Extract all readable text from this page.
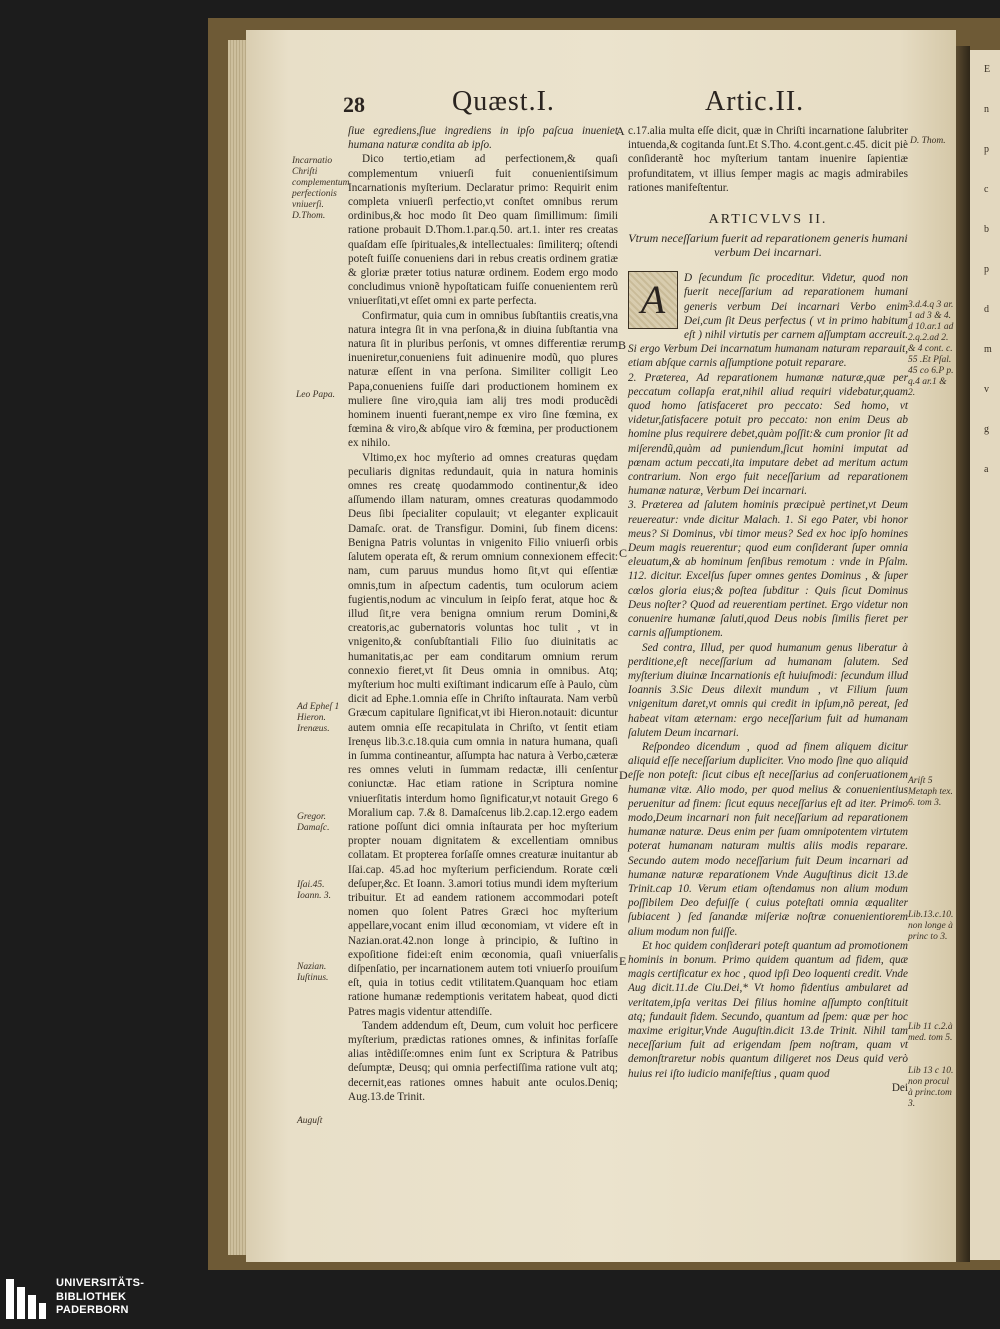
E
n
p
c
b
p
d
m
v
g
a
28	Quæst.I.	Artic.II.

ſiue egrediens,ſiue ingrediens in ipſo paſcua inueniet humana naturæ condita ab ipſo.

Dico tertio,etiam ad perfectionem,& quaſi complementum vniuerſi fuit conuenientiſsimum Incarnationis myſterium. Declaratur primo: Requirit enim completa vniuerſi perfectio,vt conſtet omnibus rerum ordinibus,& hoc modo ſit Deo quam ſimillimum: ſimili ratione probauit D.Thom.1.par.q.50. art.1. inter res creatas quaſdam eſſe ſpirituales,& intellectuales: ſimiliterq; oſtendi poteſt fuiſſe conueniens dari in rebus creatis ordinem gratiæ & gloriæ præter totius naturæ ordinem. Eodem ergo modo concludimus vnionẽ hypoſtaticam fuiſſe conuenientem rerũ vniuerſitati,vt eſſet omni ex parte perfecta.

Confirmatur, quia cum in omnibus ſubſtantiis creatis,vna natura integra ſit in vna perſona,& in diuina ſubſtantia vna natura ſit in pluribus perſonis, vt omnes differentiæ rerum inueniretur,conueniens fuit adinuenire modũ, quo plures naturæ eſſent in vna perſona. Similiter colligit Leo Papa,conueniens fuiſſe dari productionem hominem ex muliere ſine viro,quia iam alij tres modi producẽdi hominem inuenti fuerant,nempe ex viro ſine fœmina, ex fœmina & viro,& abſque viro & fœmina, per productionem ex nihilo.

Vltimo,ex hoc myſterio ad omnes creaturas quędam peculiaris dignitas redundauit, quia in natura hominis omnes res creatę quodammodo continentur,& ideo aſſumendo illam naturam, omnes creaturas quodammodo Deus ſibi ſpecialiter copulauit; vt eleganter explicauit Damaſc. orat. de Transfigur. Domini, ſub finem dicens: Benigna Patris voluntas in vnigenito Filio vniuerſi orbis ſalutem operata eſt, & rerum omnium connexionem effecit: nam, cum paruus mundus homo ſit,vt qui eſſentiæ omnis,tum in aſpectum cadentis, tum oculorum aciem fugientis,nodum ac vinculum in ſeipſo ferat, atque hoc & illud ſit,re vera benigna omnium rerum Domini,& creatoris,ac gubernatoris voluntas hoc tulit , vt in vnigenito,& conſubſtantiali Filio ſuo diuinitatis ac humanitatis,ac per eam conditarum omnium rerum connexio fieret,vt ſit Deus omnia in omnibus. Atq; myſterium hoc multi exiſtimant indicarum eſſe à Paulo, cùm dicit ad Ephe.1.omnia eſſe in Chriſto inſtaurata. Nam verbũ Græcum capitulare ſignificat,vt ibi Hieron.notauit: dicuntur autem omnia eſſe recapitulata in Chriſto, vt ſentit etiam Irenęus lib.3.c.18.quia cum omnia in natura humana, quaſi in ſumma contineantur, aſſumpta hac natura à Verbo,cæteræ res omnes veluti in ſummam redactæ, illi cenſentur coniunctæ. Hac etiam ratione in Scriptura nomine vniuerſitatis interdum homo ſignificatur,vt notauit Grego 6 Moralium cap. 7.& 8. Damaſcenus lib.2.cap.12.ergo eadem ratione poſſunt dici omnia inſtaurata per hoc myſterium propter nouam dignitatem & excellentiam omnibus collatam. Et propterea forſaſſe omnes creaturæ inuitantur ab Iſai.cap. 45.ad hoc myſterium perficiendum. Rorate cœli deſuper,&c. Et Ioann. 3.amori totius mundi idem myſterium tribuitur. Et ad eandem rationem accommodari poteſt nomen quo ſolent Patres Græci hoc myſterium appellare,vocant enim illud œconomiam, vt videre eſt in Nazian.orat.42.non longe à principio, & Iuſtino in expoſitione fidei:eſt enim œconomia, quaſi vniuerſalis diſpenſatio, per incarnationem autem toti vniuerſo prouiſum eſt, quia in totius cedit vtilitatem.Quanquam hoc etiam ratione humanæ redemptionis veritatem habeat, quod dicti Patres magis videntur attendiſſe.

Tandem addendum eſt, Deum, cum voluit hoc perficere myſterium, prædictas rationes omnes, & infinitas forſaſſe alias intẽdiſſe:omnes enim ſunt ex Scriptura & Patribus deſumptæ, Deusq; qui omnia perfectiſſima ratione vult atq; decernit,eas rationes omnes habuit ante oculos.Deniq; Aug.13.de Trinit.

c.17.alia multa eſſe dicit, quæ in Chriſti incarnatione ſalubriter intuenda,& cogitanda ſunt.Et S.Tho. 4.cont.gent.c.45. dicit piè conſiderantẽ hoc myſterium tantam inuenire ſapientiæ profunditatem, vt illius ſemper magis ac magis admirabiles rationes manifeſtentur.

ARTICVLVS II.

Vtrum neceſſarium fuerit ad reparationem generis humani verbum Dei incarnari.

A	D ſecundum ſic proceditur. Videtur, quod non fuerit neceſſarium ad reparationem humani generis verbum Dei incarnari Verbo enim Dei,cum ſit Deus perfectus ( vt in primo habitum eſt ) nihil virtutis per carnem aſſumptam accreuit. Si ergo Verbum Dei incarnatum humanam naturam reparauit, etiam abſque carnis aſſumptione potuit reparare.

2. Præterea, Ad reparationem humanæ naturæ,quæ per peccatum collapſa erat,nihil aliud requiri videbatur,quam quod homo ſatisfaceret pro peccato: Sed homo, vt videtur,ſatisfacere potuit pro peccato: non enim Deus ab homine plus requirere debet,quàm poſſit:& cum pronior ſit ad miſerendũ,quàm ad puniendum,ſicut homini imputat ad pœnam actum peccati,ita imputare debet ad meritum actum contrarium. Non ergo fuit neceſſarium ad reparationem humanæ naturæ, Verbum Dei incarnari.

3. Præterea ad ſalutem hominis præcipuè pertinet,vt Deum reuereatur: vnde dicitur Malach. 1. Si ego Pater, vbi honor meus? Si Dominus, vbi timor meus? Sed ex hoc ipſo homines Deum magis reuerentur; quod eum conſiderant ſuper omnia eleuatum,& ab hominum ſenſibus remotum : vnde in Pſalm. 112. dicitur. Excelſus ſuper omnes gentes Dominus , & ſuper cœlos gloria eius;& poſtea ſubditur : Quis ſicut Dominus Deus noſter? Quod ad reuerentiam pertinet. Ergo videtur non conuenire humanæ ſaluti,quod Deus nobis ſimilis fieret per carnis aſſumptionem.

Sed contra, Illud, per quod humanum genus liberatur à perditione,eſt neceſſarium ad humanam ſalutem. Sed myſterium diuinæ Incarnationis eſt huiuſmodi: ſecundum illud Ioannis 3.Sic Deus dilexit mundum , vt Filium ſuum vnigenitum daret,vt omnis qui credit in ipſum,nõ pereat, ſed habeat vitam æternam: ergo neceſſarium fuit ad humanam ſalutem Deum incarnari.

Reſpondeo dicendum , quod ad finem aliquem dicitur aliquid eſſe neceſſarium dupliciter. Vno modo ſine quo aliquid eſſe non poteſt: ſicut cibus eſt neceſſarius ad conſeruationem humanæ vitæ. Alio modo, per quod melius & conuenientius peruenitur ad finem: ſicut equus neceſſarius eſt ad iter. Primo modo,Deum incarnari non fuit neceſſarium ad reparationem humanæ naturæ. Deus enim per ſuam omnipotentem virtutem poterat humanam naturam multis aliis modis reparare. Secundo autem modo neceſſarium fuit Deum incarnari ad humanæ naturæ reparationem Vnde Auguſtinus dicit 13.de Trinit.cap 10. Verum etiam oſtendamus non alium modum poſſibilem Deo defuiſſe ( cuius poteſtati omnia æqualiter ſubiacent ) ſed ſanandæ miſeriæ noſtræ conuenientiorem alium modum non fuiſſe.

Et hoc quidem conſiderari poteſt quantum ad promotionem hominis in bonum. Primo quidem quantum ad fidem, quæ magis certificatur ex hoc , quod ipſi Deo loquenti credit. Vnde Aug dicit.11.de Ciu.Dei,* Vt homo fidentius ambularet ad veritatem,ipſa veritas Dei filius homine aſſumpto conſtituit atq; fundauit fidem. Secundo, quantum ad ſpem: quæ per hoc maxime erigitur,Vnde Auguſtin.dicit 13.de Trinit. Nihil tam neceſſarium fuit ad erigendam ſpem noſtram, quam vt demonſtraretur nobis quantum diligeret nos Deus quid verò huius rei iſto iudicio manifeſtius , quam quod

Dei

Incarnatio Chriſti complementum perfectionis vniuerſi. D.Thom.
Leo Papa.
Ad Epheſ 1 Hieron. Irenæus.
Gregor. Damaſc.
Iſai.45. Ioann. 3.
Nazian. Iuſtinus.
Auguſt
D. Thom.
3.d.4.q 3 ar. 1 ad 3 & 4. d 10.ar.1 ad 2.q.2.ad 2. & 4 cont. c. 55 .Et Pſal. 45 co 6.P p. q.4 ar.1 & 2.
Ariſt 5 Metaph tex. 6. tom 3.
Lib.13.c.10. non longe à princ to 3.
Lib 11 c.2.à med. tom 5.
Lib 13 c 10. non procul à princ.tom 3.
A
B
C
D
E
UNIVERSITÄTS-
BIBLIOTHEK
PADERBORN
